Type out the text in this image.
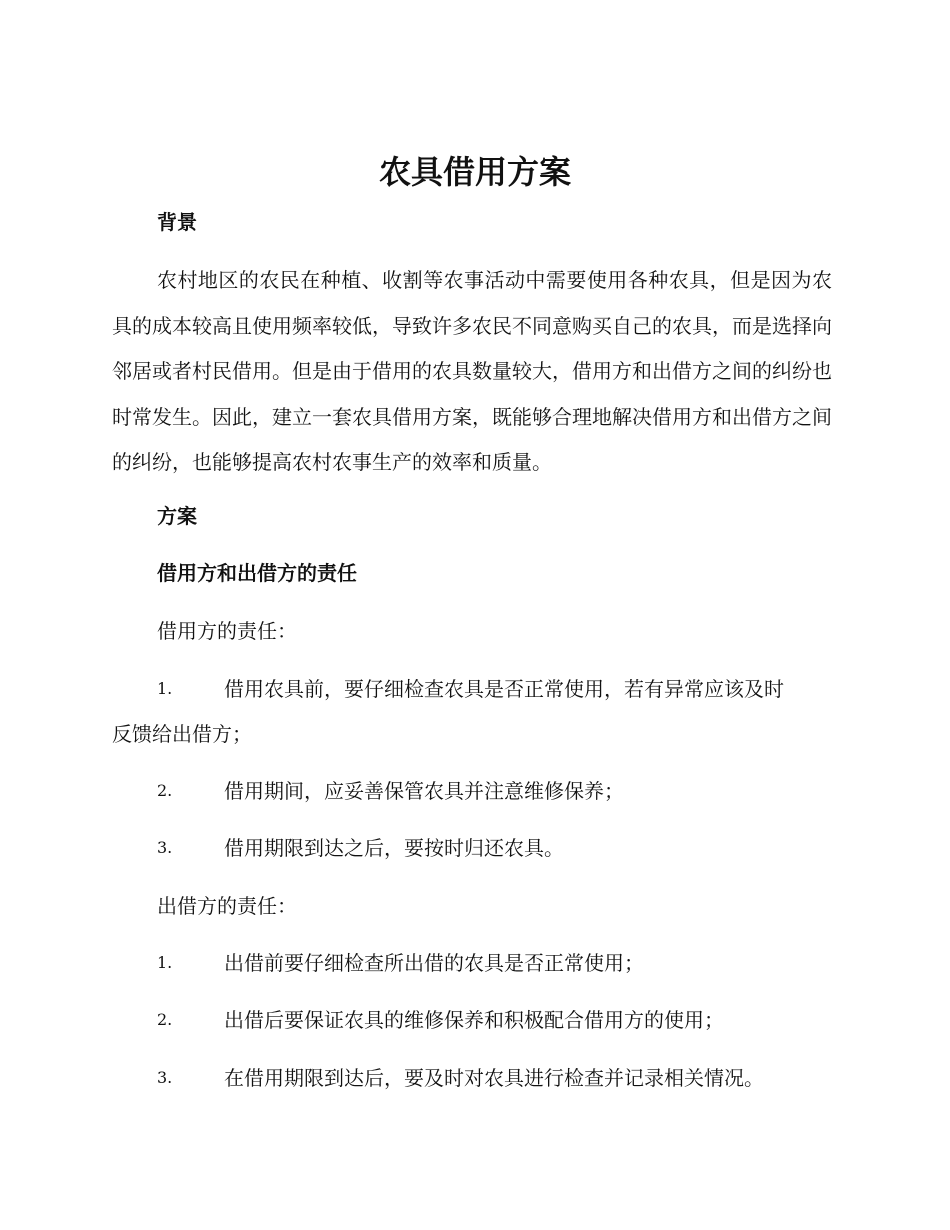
农具借用方案
背景

农村地区的农民在种植、收割等农事活动中需要使用各种农具，但是因为农具的成本较高且使用频率较低，导致许多农民不同意购买自己的农具，而是选择向邻居或者村民借用。但是由于借用的农具数量较大，借用方和出借方之间的纠纷也时常发生。因此，建立一套农具借用方案，既能够合理地解决借用方和出借方之间的纠纷，也能够提高农村农事生产的效率和质量。

方案
借用方和出借方的责任

借用方的责任：

1.	借用农具前，要仔细检查农具是否正常使用，若有异常应该及时
反馈给出借方；
2.	借用期间，应妥善保管农具并注意维修保养；
3.	借用期限到达之后，要按时归还农具。

出借方的责任：

1.	出借前要仔细检查所出借的农具是否正常使用；
2.	出借后要保证农具的维修保养和积极配合借用方的使用；
3.	在借用期限到达后，要及时对农具进行检查并记录相关情况。
